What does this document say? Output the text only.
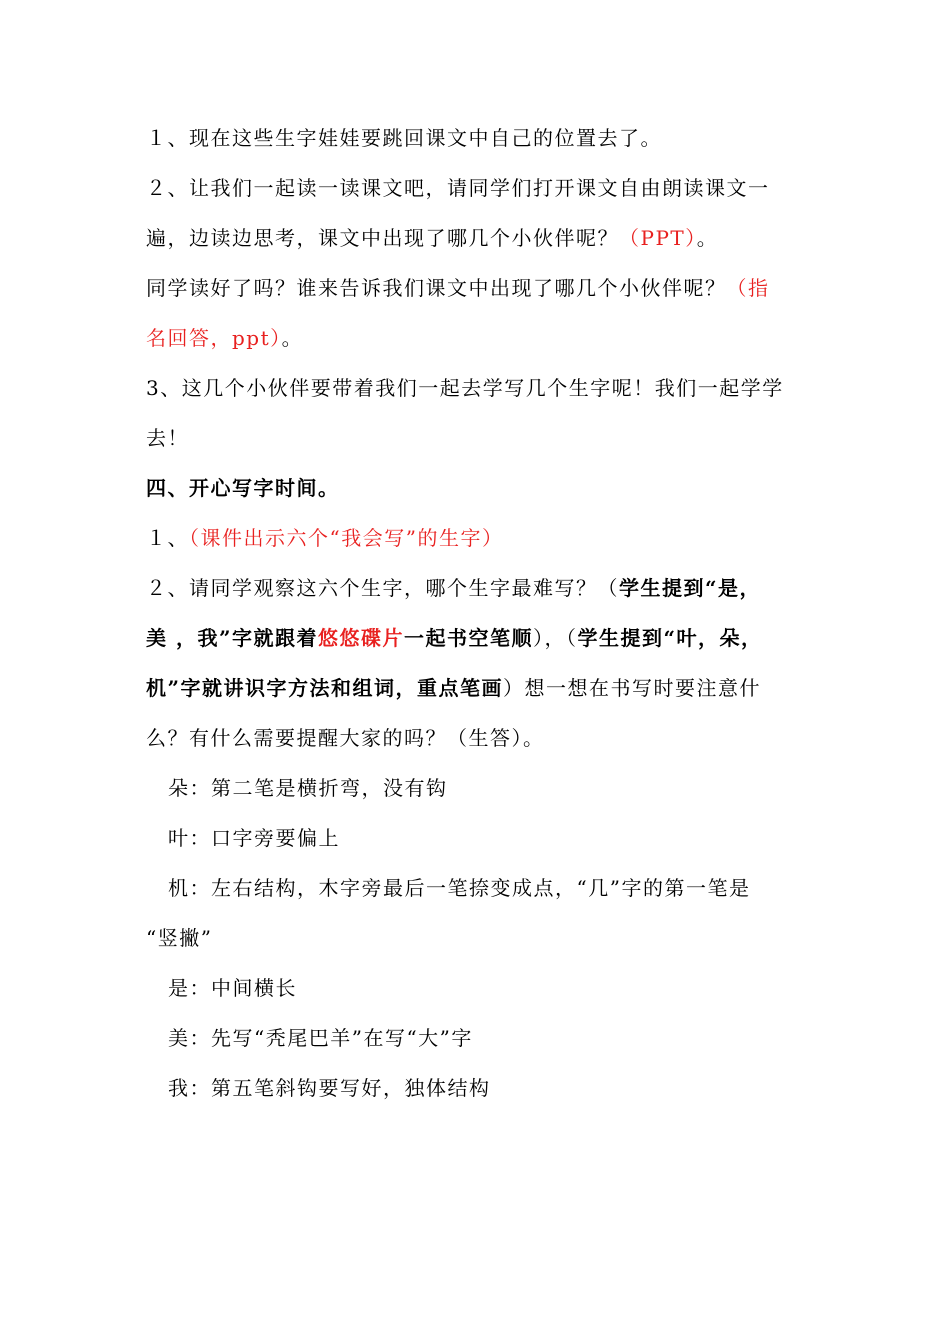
１、现在这些生字娃娃要跳回课文中自己的位置去了。
２、让我们一起读一读课文吧，请同学们打开课文自由朗读课文一
遍，边读边思考，课文中出现了哪几个小伙伴呢？（PPT）。
同学读好了吗？谁来告诉我们课文中出现了哪几个小伙伴呢？（指
名回答，ppt）。
3、这几个小伙伴要带着我们一起去学写几个生字呢！我们一起学学
去！
四、开心写字时间。
１、（课件出示六个“我会写”的生字）
２、请同学观察这六个生字，哪个生字最难写？（学生提到“是，
美 ，我”字就跟着悠悠碟片一起书空笔顺），（学生提到“叶，朵，
机”字就讲识字方法和组词，重点笔画）想一想在书写时要注意什
么？有什么需要提醒大家的吗？（生答）。
朵：第二笔是横折弯，没有钩
叶：口字旁要偏上
机：左右结构，木字旁最后一笔捺变成点，“几”字的第一笔是
“竖撇”
是：中间横长
美：先写“秃尾巴羊”在写“大”字
我：第五笔斜钩要写好，独体结构
